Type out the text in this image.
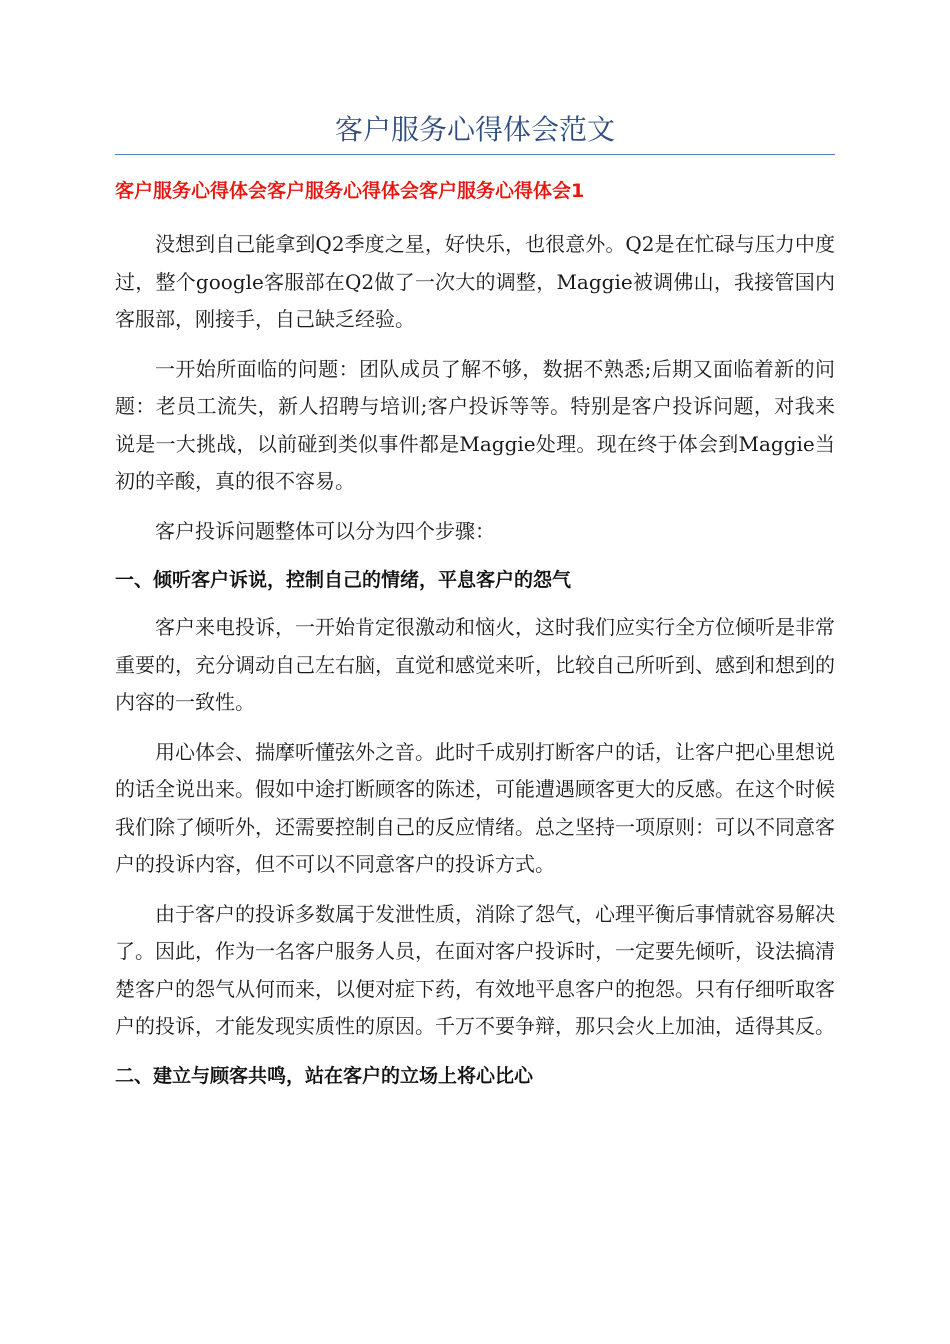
客户服务心得体会范文

客户服务心得体会客户服务心得体会客户服务心得体会1

没想到自己能拿到Q2季度之星，好快乐，也很意外。Q2是在忙碌与压力中度过，整个google客服部在Q2做了一次大的调整，Maggie被调佛山，我接管国内客服部，刚接手，自己缺乏经验。

一开始所面临的问题：团队成员了解不够，数据不熟悉;后期又面临着新的问题：老员工流失，新人招聘与培训;客户投诉等等。特别是客户投诉问题，对我来说是一大挑战，以前碰到类似事件都是Maggie处理。现在终于体会到Maggie当初的辛酸，真的很不容易。

客户投诉问题整体可以分为四个步骤：

一、倾听客户诉说，控制自己的情绪，平息客户的怨气

客户来电投诉，一开始肯定很激动和恼火，这时我们应实行全方位倾听是非常重要的，充分调动自己左右脑，直觉和感觉来听，比较自己所听到、感到和想到的内容的一致性。

用心体会、揣摩听懂弦外之音。此时千成别打断客户的话，让客户把心里想说的话全说出来。假如中途打断顾客的陈述，可能遭遇顾客更大的反感。在这个时候我们除了倾听外，还需要控制自己的反应情绪。总之坚持一项原则：可以不同意客户的投诉内容，但不可以不同意客户的投诉方式。

由于客户的投诉多数属于发泄性质，消除了怨气，心理平衡后事情就容易解决了。因此，作为一名客户服务人员，在面对客户投诉时，一定要先倾听，设法搞清楚客户的怨气从何而来，以便对症下药，有效地平息客户的抱怨。只有仔细听取客户的投诉，才能发现实质性的原因。千万不要争辩，那只会火上加油，适得其反。

二、建立与顾客共鸣，站在客户的立场上将心比心
